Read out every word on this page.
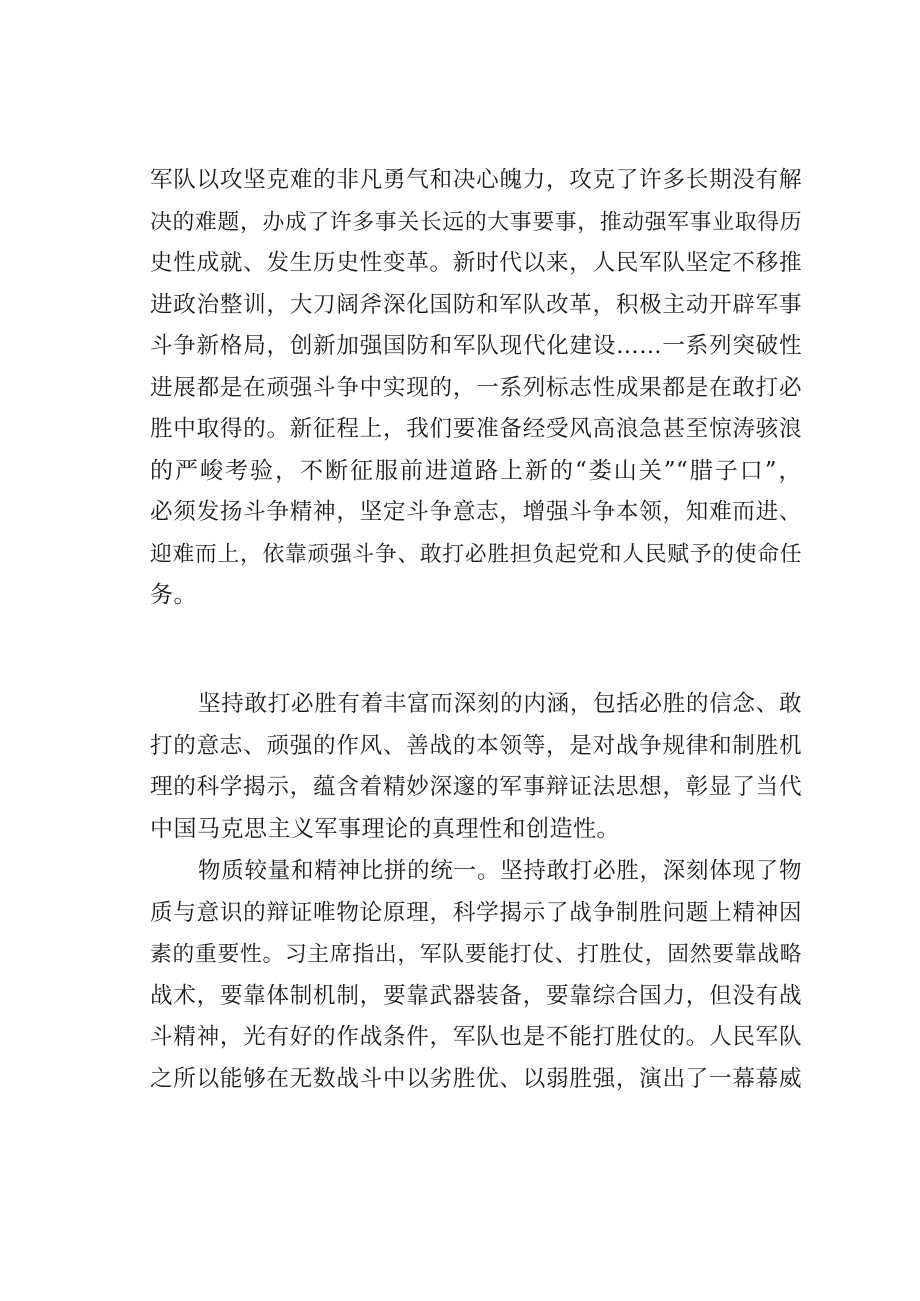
军队以攻坚克难的非凡勇气和决心魄力，攻克了许多长期没有解
决的难题，办成了许多事关长远的大事要事，推动强军事业取得历
史性成就、发生历史性变革。新时代以来，人民军队坚定不移推
进政治整训，大刀阔斧深化国防和军队改革，积极主动开辟军事
斗争新格局，创新加强国防和军队现代化建设……一系列突破性
进展都是在顽强斗争中实现的，一系列标志性成果都是在敢打必
胜中取得的。新征程上，我们要准备经受风高浪急甚至惊涛骇浪
的严峻考验，不断征服前进道路上新的“娄山关”“腊子口”，
必须发扬斗争精神，坚定斗争意志，增强斗争本领，知难而进、
迎难而上，依靠顽强斗争、敢打必胜担负起党和人民赋予的使命任
务。
坚持敢打必胜有着丰富而深刻的内涵，包括必胜的信念、敢
打的意志、顽强的作风、善战的本领等，是对战争规律和制胜机
理的科学揭示，蕴含着精妙深邃的军事辩证法思想，彰显了当代
中国马克思主义军事理论的真理性和创造性。
物质较量和精神比拼的统一。坚持敢打必胜，深刻体现了物
质与意识的辩证唯物论原理，科学揭示了战争制胜问题上精神因
素的重要性。习主席指出，军队要能打仗、打胜仗，固然要靠战略
战术，要靠体制机制，要靠武器装备，要靠综合国力，但没有战
斗精神，光有好的作战条件，军队也是不能打胜仗的。人民军队
之所以能够在无数战斗中以劣胜优、以弱胜强，演出了一幕幕威
